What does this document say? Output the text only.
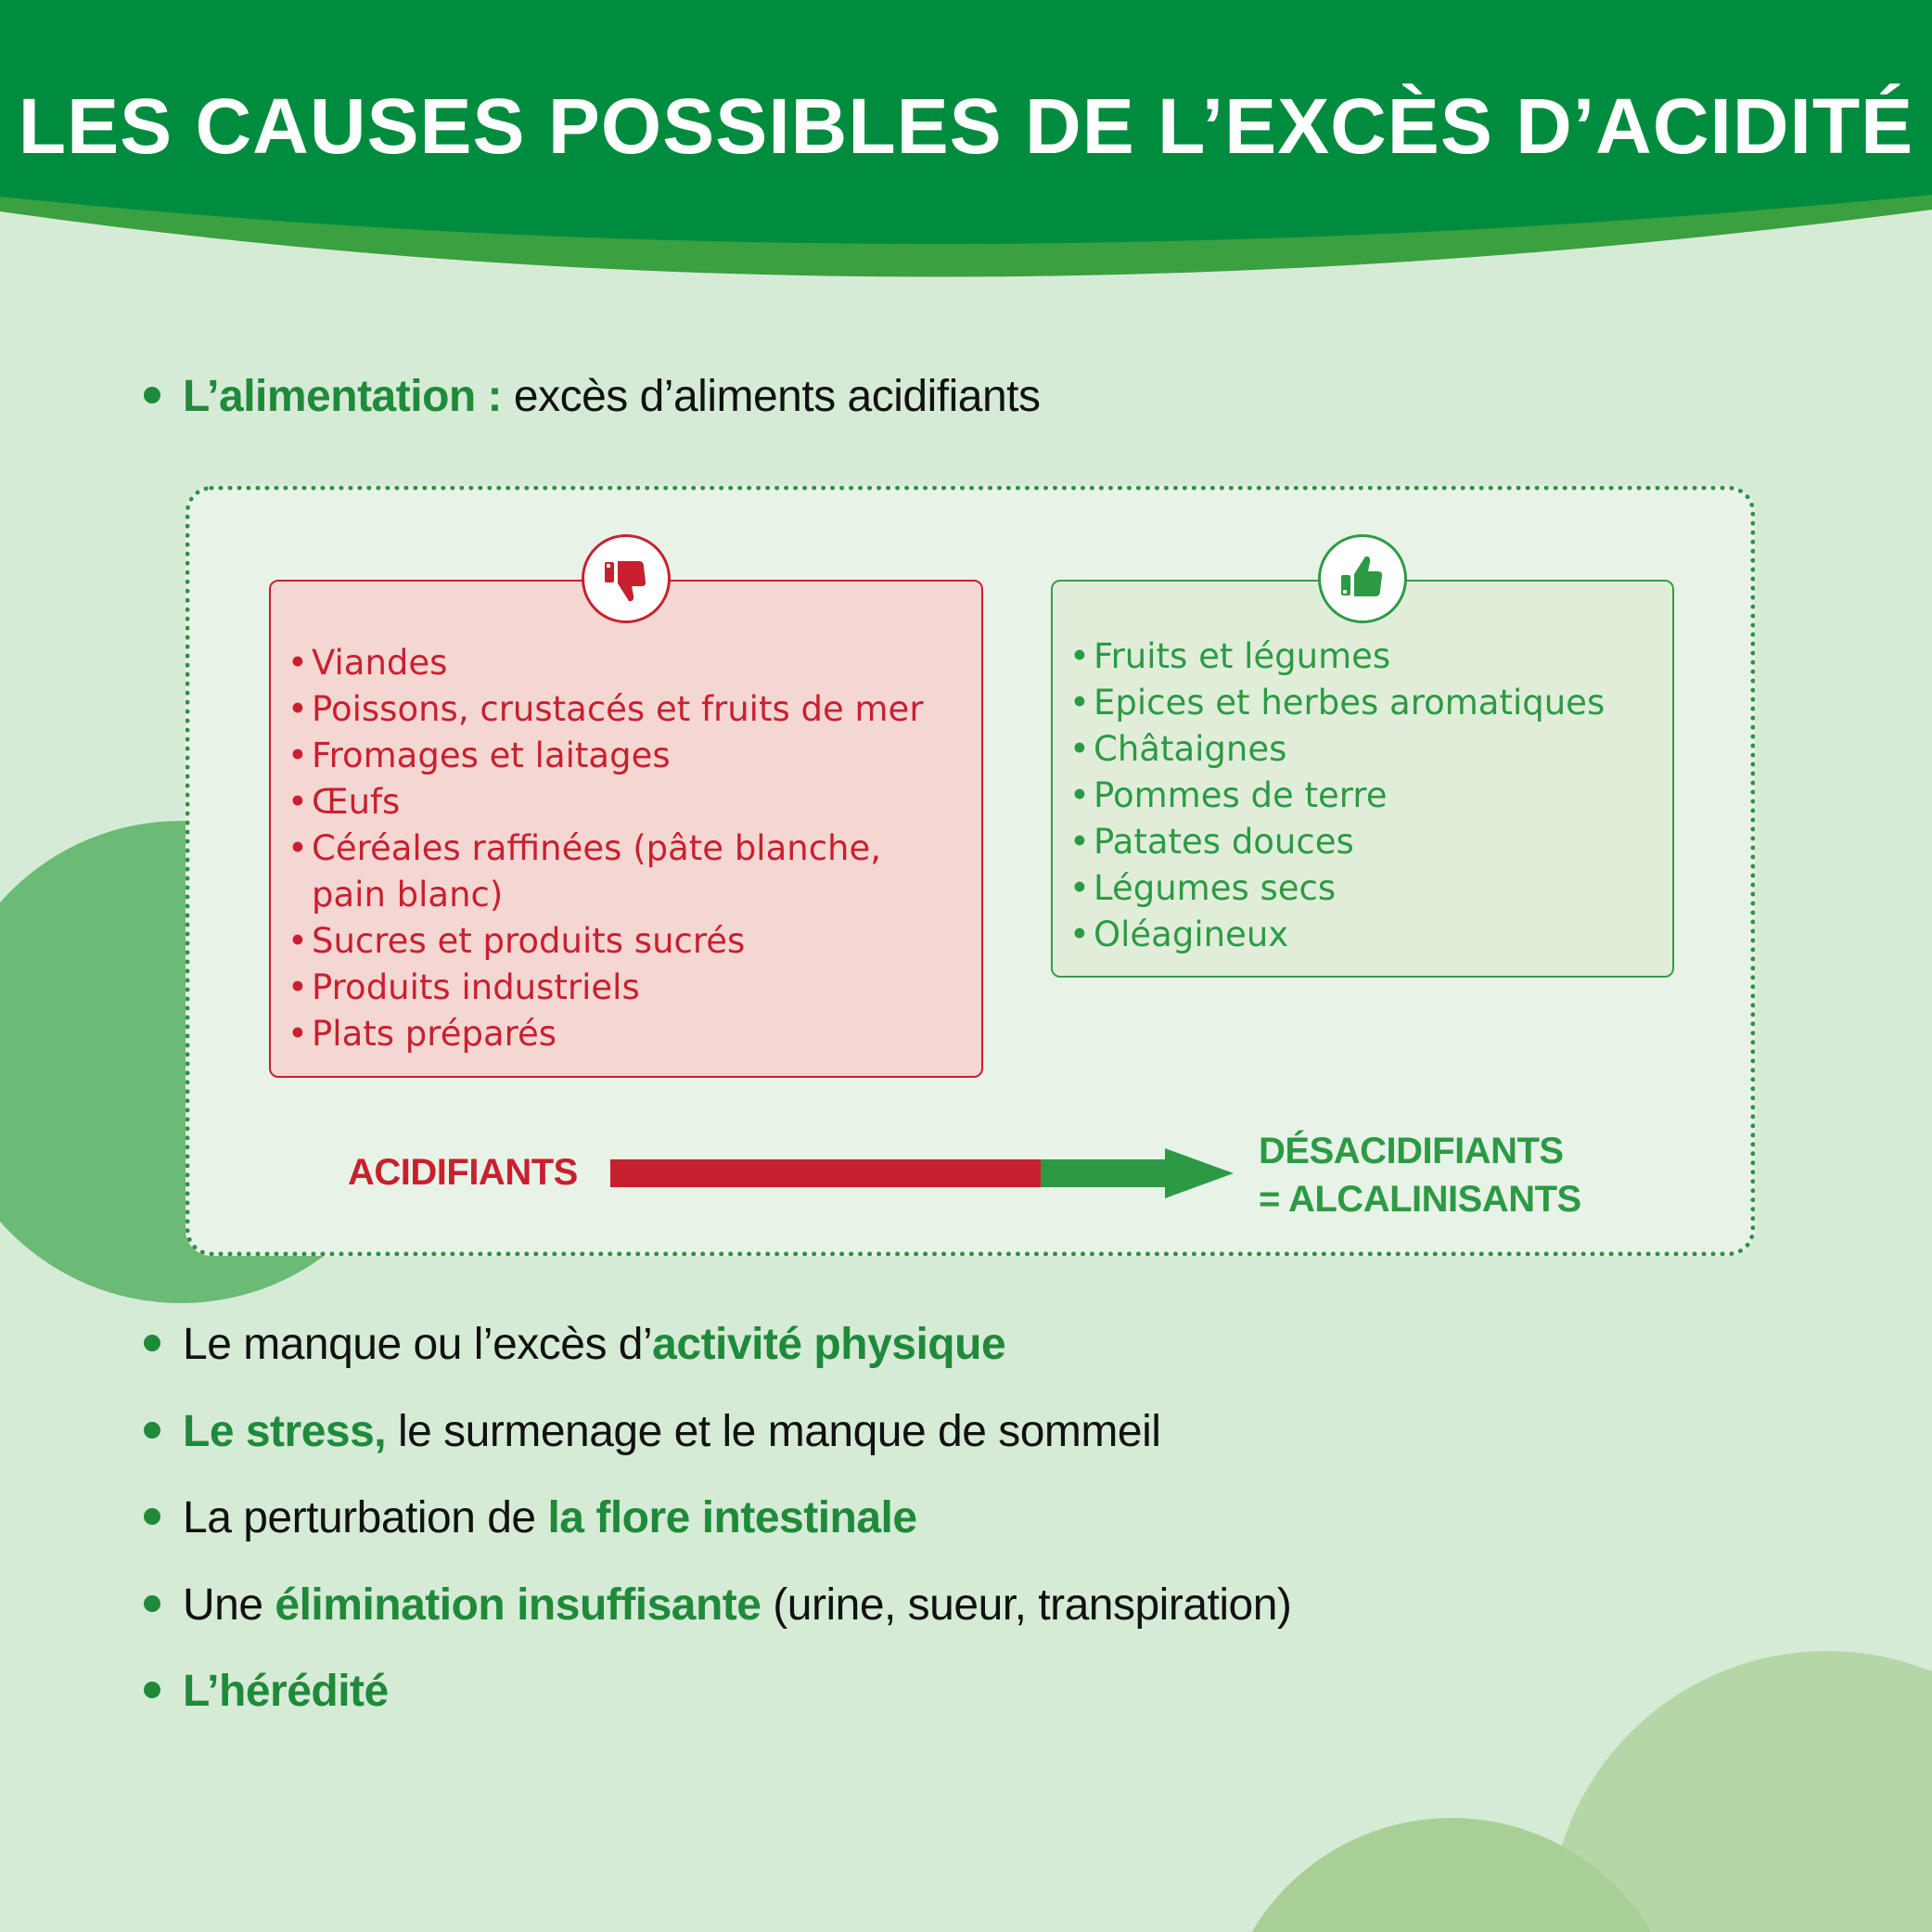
LES CAUSES POSSIBLES DE L’EXCÈS D’ACIDITÉ
L’alimentation : excès d’aliments acidifiants
• Viandes
• Poissons, crustacés et fruits de mer
• Fromages et laitages
• Œufs
• Céréales raffinées (pâte blanche, pain blanc)
• Sucres et produits sucrés
• Produits industriels
• Plats préparés
• Fruits et légumes
• Epices et herbes aromatiques
• Châtaignes
• Pommes de terre
• Patates douces
• Légumes secs
• Oléagineux
ACIDIFIANTS
DÉSACIDIFIANTS
= ALCALINISANTS
Le manque ou l’excès d’activité physique
Le stress, le surmenage et le manque de sommeil
La perturbation de la flore intestinale
Une élimination insuffisante (urine, sueur, transpiration)
L’hérédité
